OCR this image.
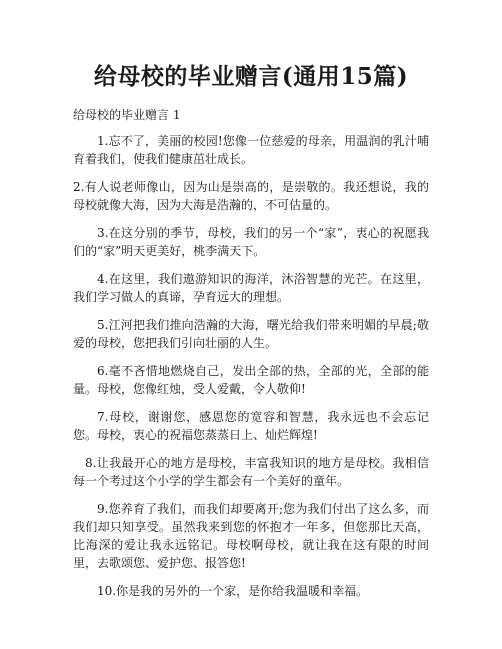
给母校的毕业赠言(通用15篇)
给母校的毕业赠言 1

1.忘不了，美丽的校园!您像一位慈爱的母亲，用温润的乳汁哺育着我们，使我们健康茁壮成长。

2.有人说老师像山，因为山是崇高的，是崇敬的。我还想说，我的母校就像大海，因为大海是浩瀚的，不可估量的。

3.在这分别的季节，母校，我们的另一个“家”，衷心的祝愿我们的“家”明天更美好，桃李满天下。

4.在这里，我们遨游知识的海洋，沐浴智慧的光芒。在这里，我们学习做人的真谛，孕育远大的理想。

5.江河把我们推向浩瀚的大海，曙光给我们带来明媚的早晨;敬爱的母校，您把我们引向壮丽的人生。

6.毫不吝惜地燃烧自己，发出全部的热，全部的光，全部的能量。母校，您像红烛，受人爱戴，令人敬仰!

7.母校，谢谢您，感恩您的宽容和智慧，我永远也不会忘记您。母校，衷心的祝福您蒸蒸日上、灿烂辉煌!

8.让我最开心的地方是母校，丰富我知识的地方是母校。我相信每一个考过这个小学的学生都会有一个美好的童年。

9.您养育了我们，而我们却要离开;您为我们付出了这么多，而我们却只知享受。虽然我来到您的怀抱才一年多，但您那比天高，比海深的爱让我永远铭记。母校啊母校，就让我在这有限的时间里，去歌颂您、爱护您、报答您!

10.你是我的另外的一个家，是你给我温暖和幸福。
